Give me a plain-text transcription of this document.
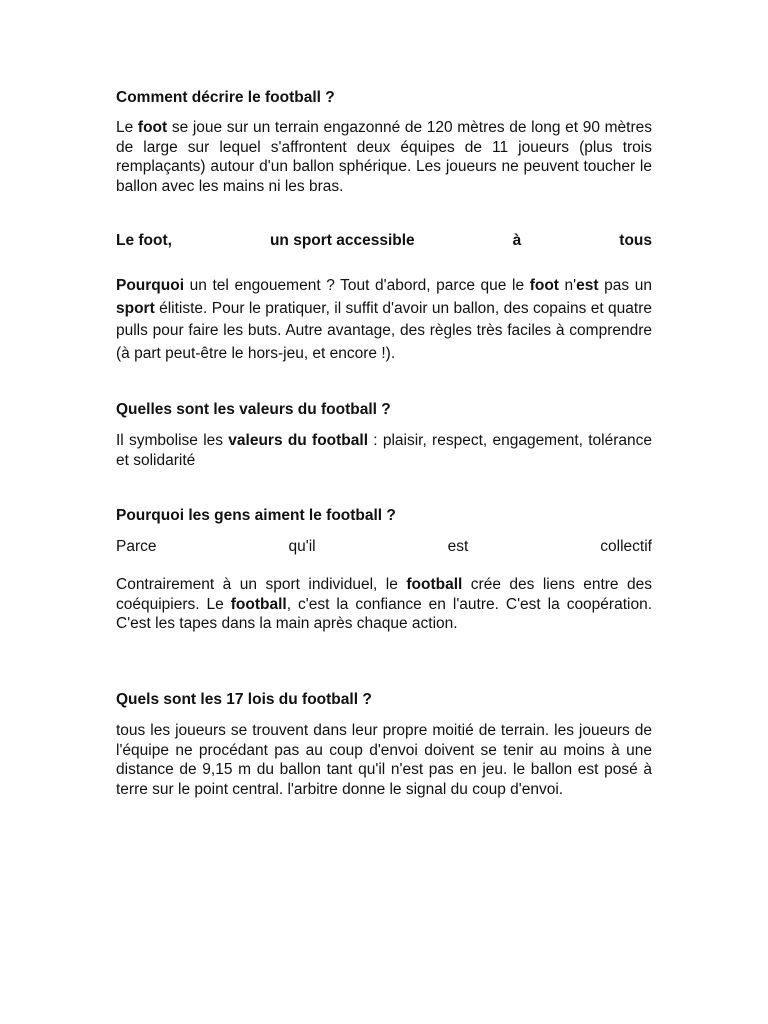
Comment décrire le football ?

Le foot se joue sur un terrain engazonné de 120 mètres de long et 90 mètres de large sur lequel s'affrontent deux équipes de 11 joueurs (plus trois remplaçants) autour d'un ballon sphérique. Les joueurs ne peuvent toucher le ballon avec les mains ni les bras.

Le foot,	un sport accessible	à	tous

Pourquoi un tel engouement ? Tout d'abord, parce que le foot n'est pas un sport élitiste. Pour le pratiquer, il suffit d'avoir un ballon, des copains et quatre pulls pour faire les buts. Autre avantage, des règles très faciles à comprendre (à part peut-être le hors-jeu, et encore !).

Quelles sont les valeurs du football ?

Il symbolise les valeurs du football : plaisir, respect, engagement, tolérance et solidarité

Pourquoi les gens aiment le football ?
Parce	qu'il	est	collectif

Contrairement à un sport individuel, le football crée des liens entre des coéquipiers. Le football, c'est la confiance en l'autre. C'est la coopération. C'est les tapes dans la main après chaque action.

Quels sont les 17 lois du football ?

tous les joueurs se trouvent dans leur propre moitié de terrain. les joueurs de l'équipe ne procédant pas au coup d'envoi doivent se tenir au moins à une distance de 9,15 m du ballon tant qu'il n'est pas en jeu. le ballon est posé à terre sur le point central. l'arbitre donne le signal du coup d'envoi.
